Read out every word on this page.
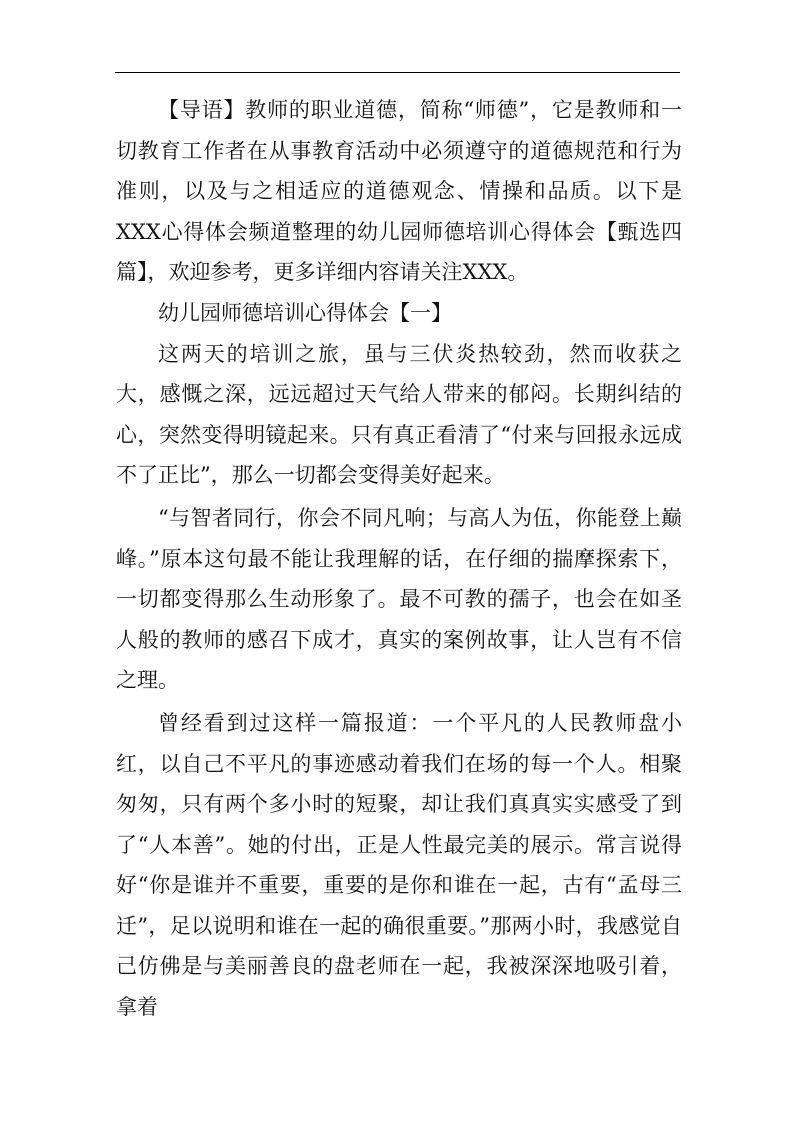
【导语】教师的职业道德，简称“师德”，它是教师和一切教育工作者在从事教育活动中必须遵守的道德规范和行为准则，以及与之相适应的道德观念、情操和品质。以下是XXX心得体会频道整理的幼儿园师德培训心得体会【甄选四篇】，欢迎参考，更多详细内容请关注XXX。

幼儿园师德培训心得体会【一】

这两天的培训之旅，虽与三伏炎热较劲，然而收获之大，感慨之深，远远超过天气给人带来的郁闷。长期纠结的心，突然变得明镜起来。只有真正看清了“付来与回报永远成不了正比”，那么一切都会变得美好起来。

“与智者同行，你会不同凡响；与高人为伍，你能登上巅峰。”原本这句最不能让我理解的话，在仔细的揣摩探索下，一切都变得那么生动形象了。最不可教的孺子，也会在如圣人般的教师的感召下成才，真实的案例故事，让人岂有不信之理。

曾经看到过这样一篇报道：一个平凡的人民教师盘小红，以自己不平凡的事迹感动着我们在场的每一个人。相聚匆匆，只有两个多小时的短聚，却让我们真真实实感受了到了“人本善”。她的付出，正是人性最完美的展示。常言说得好“你是谁并不重要，重要的是你和谁在一起，古有“孟母三迁”，足以说明和谁在一起的确很重要。”那两小时，我感觉自己仿佛是与美丽善良的盘老师在一起，我被深深地吸引着，拿着
